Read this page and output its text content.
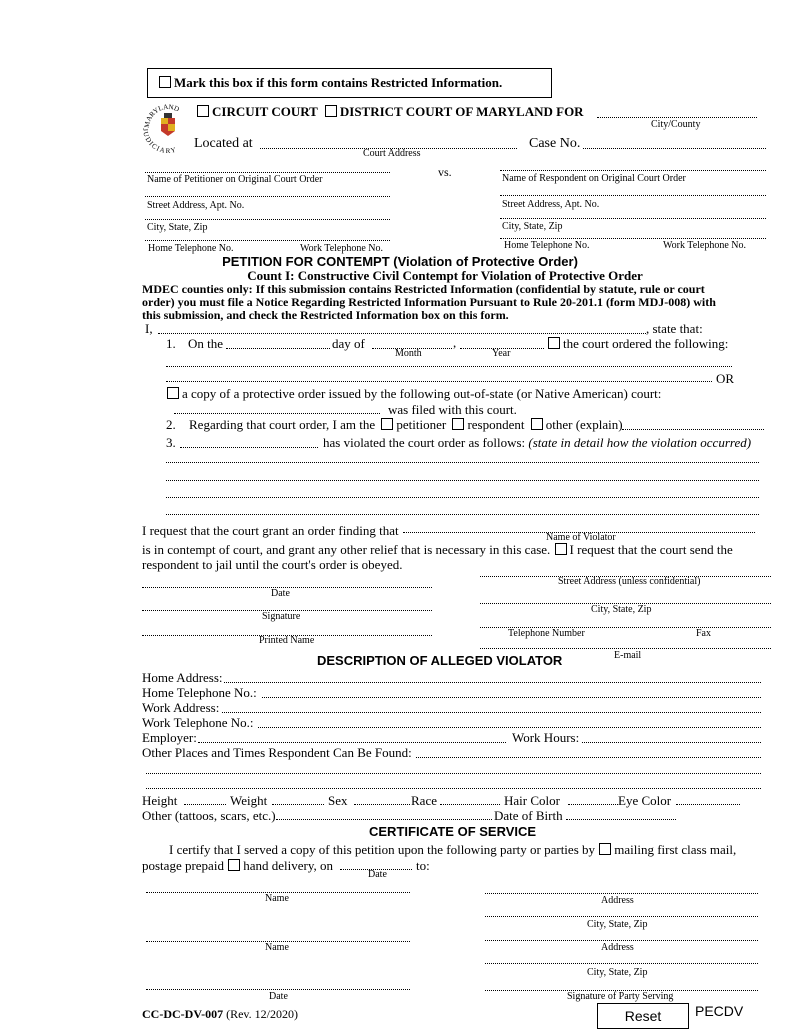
Mark this box if this form contains Restricted Information.
MARYLAND
DICIARY
CIRCUIT COURT DISTRICT COURT OF MARYLAND FOR
City/County
Located at
Court Address
Case No.
vs.
Name of Petitioner on Original Court Order	Name of Respondent on Original Court Order
Street Address, Apt. No.	Street Address, Apt. No.
City, State, Zip	City, State, Zip
Home Telephone No.	Work Telephone No.	Home Telephone No.	Work Telephone No.
PETITION FOR CONTEMPT (Violation of Protective Order)
Count I: Constructive Civil Contempt for Violation of Protective Order
MDEC counties only: If this submission contains Restricted Information (confidential by statute, rule or court
order) you must file a Notice Regarding Restricted Information Pursuant to Rule 20-201.1 (form MDJ-008) with
this submission, and check the Restricted Information box on this form.
I,	, state that:
1. On the	day of	,
Month	Year
the court ordered the following:
OR
a copy of a protective order issued by the following out-of-state (or Native American) court:
was filed with this court.
2. Regarding that court order, I am the petitioner respondent other (explain)
3.	has violated the court order as follows: (state in detail how the violation occurred)
I request that the court grant an order finding that	Name of Violator
is in contempt of court, and grant any other relief that is necessary in this case. I request that the court send the
respondent to jail until the court's order is obeyed.
Date
Signature
Printed Name
Street Address (unless confidential)
City, State, Zip
Telephone Number	Fax
E-mail
DESCRIPTION OF ALLEGED VIOLATOR
Home Address:
Home Telephone No.:
Work Address:
Work Telephone No.:
Employer:	Work Hours:
Other Places and Times Respondent Can Be Found:
Height	Weight	Sex	Race	Hair Color	Eye Color
Other (tattoos, scars, etc.)	Date of Birth
CERTIFICATE OF SERVICE
I certify that I served a copy of this petition upon the following party or parties by mailing first class mail,
postage prepaid hand delivery, on	to:
Date
Name	Address
City, State, Zip
Name	Address
City, State, Zip
Date	Signature of Party Serving
CC-DC-DV-007 (Rev. 12/2020)	Reset	PECDV
